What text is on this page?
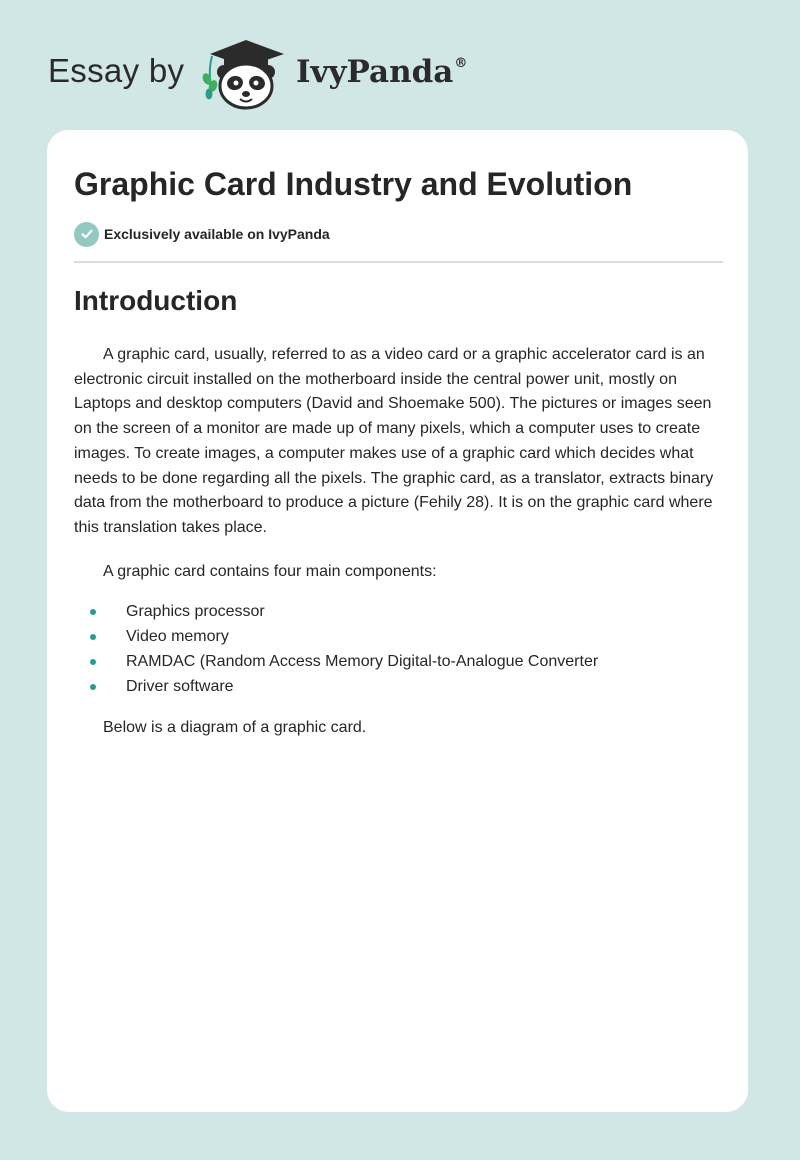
Essay by	IvyPanda®
Graphic Card Industry and Evolution
Exclusively available on IvyPanda
Introduction

A graphic card, usually, referred to as a video card or a graphic accelerator card is an electronic circuit installed on the motherboard inside the central power unit, mostly on Laptops and desktop computers (David and Shoemake 500). The pictures or images seen on the screen of a monitor are made up of many pixels, which a computer uses to create images. To create images, a computer makes use of a graphic card which decides what needs to be done regarding all the pixels. The graphic card, as a translator, extracts binary data from the motherboard to produce a picture (Fehily 28). It is on the graphic card where this translation takes place.

A graphic card contains four main components:

Graphics processor
Video memory
RAMDAC (Random Access Memory Digital-to-Analogue Converter
Driver software

Below is a diagram of a graphic card.
